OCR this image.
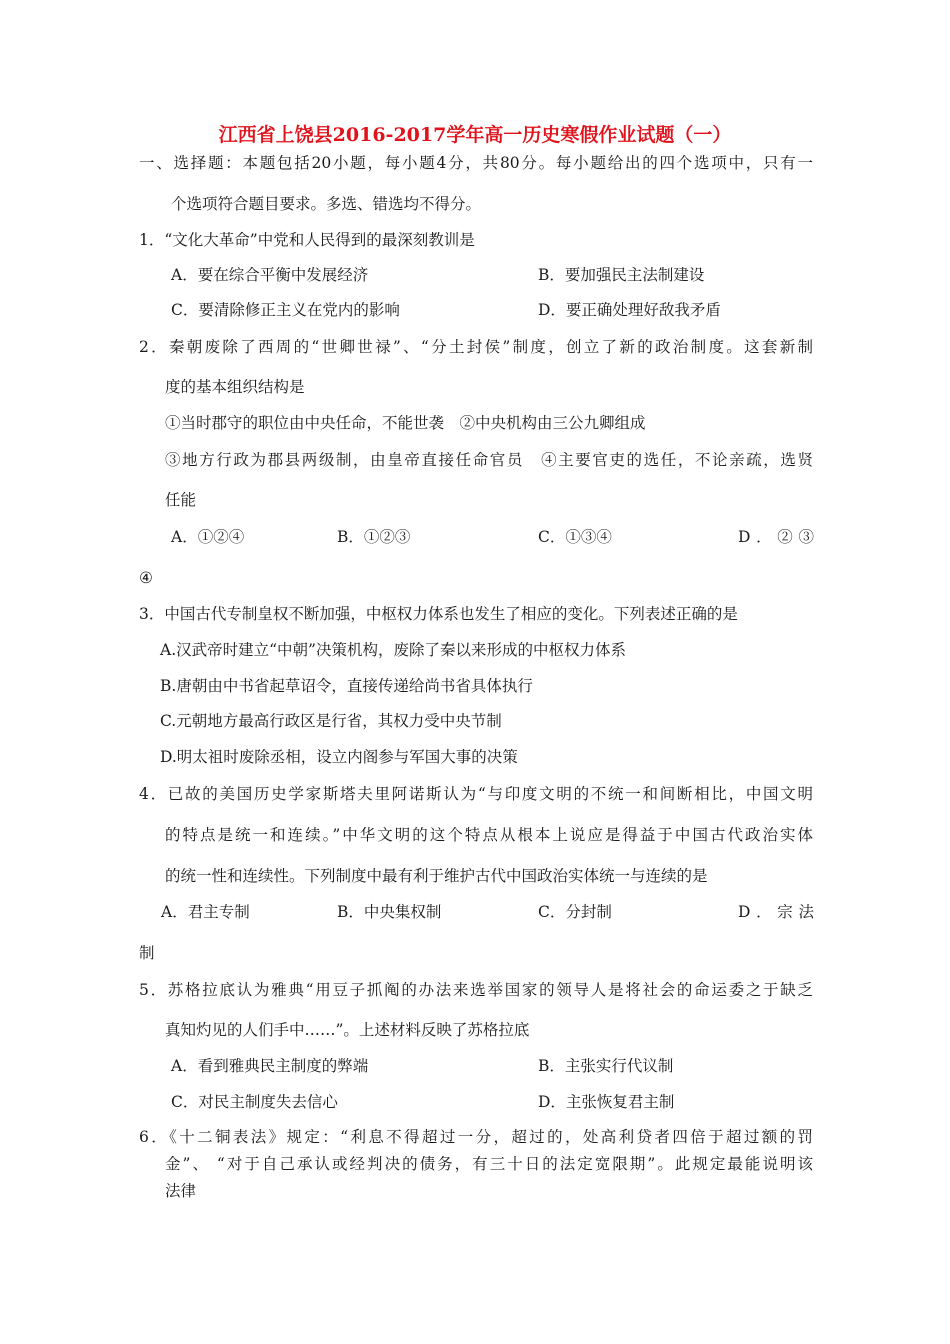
江西省上饶县2016-2017学年高一历史寒假作业试题（一）
一、选择题：本题包括20小题，每小题4分，共80分。每小题给出的四个选项中，只有一
个选项符合题目要求。多选、错选均不得分。
1．“文化大革命”中党和人民得到的最深刻教训是
A．要在综合平衡中发展经济	B．要加强民主法制建设
C．要清除修正主义在党内的影响	D．要正确处理好敌我矛盾
2．秦朝废除了西周的“世卿世禄”、“分土封侯”制度，创立了新的政治制度。这套新制
度的基本组织结构是
①当时郡守的职位由中央任命，不能世袭　②中央机构由三公九卿组成
③地方行政为郡县两级制，由皇帝直接任命官员　④主要官吏的选任，不论亲疏，选贤
任能
A．①②④	B．①②③	C．①③④	D．②③
④
3．中国古代专制皇权不断加强，中枢权力体系也发生了相应的变化。下列表述正确的是
A.汉武帝时建立“中朝”决策机构，废除了秦以来形成的中枢权力体系
B.唐朝由中书省起草诏令，直接传递给尚书省具体执行
C.元朝地方最高行政区是行省，其权力受中央节制
D.明太祖时废除丞相，设立内阁参与军国大事的决策
4．已故的美国历史学家斯塔夫里阿诺斯认为“与印度文明的不统一和间断相比，中国文明
的特点是统一和连续。”中华文明的这个特点从根本上说应是得益于中国古代政治实体
的统一性和连续性。下列制度中最有利于维护古代中国政治实体统一与连续的是
A．君主专制	B．中央集权制	C．分封制	D．宗法
制
5．苏格拉底认为雅典“用豆子抓阄的办法来选举国家的领导人是将社会的命运委之于缺乏
真知灼见的人们手中……”。上述材料反映了苏格拉底
A．看到雅典民主制度的弊端	B．主张实行代议制
C．对民主制度失去信心	D．主张恢复君主制
6．《十二铜表法》规定：“利息不得超过一分，超过的，处高利贷者四倍于超过额的罚
金”、 “对于自己承认或经判决的债务，有三十日的法定宽限期”。此规定最能说明该
法律
